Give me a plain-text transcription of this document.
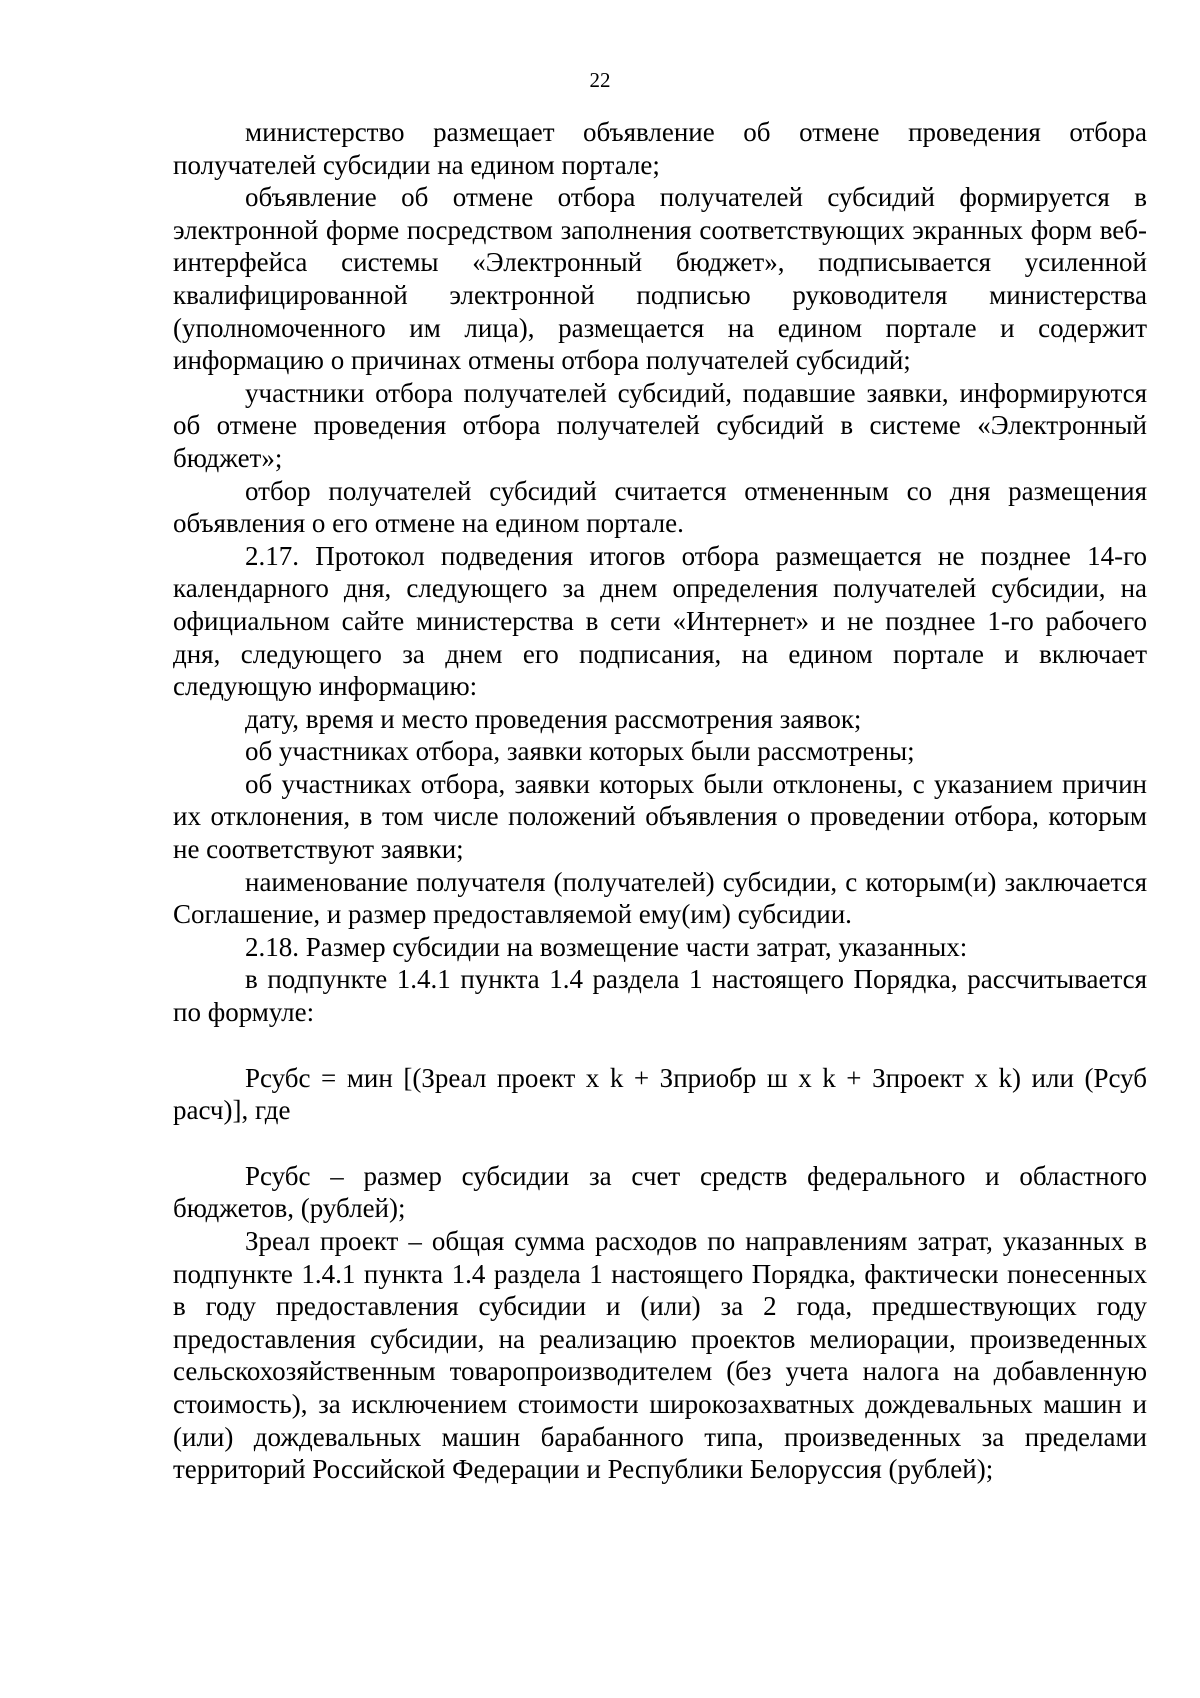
22

министерство размещает объявление об отмене проведения отбора получателей субсидии на едином портале;

объявление об отмене отбора получателей субсидий формируется в электронной форме посредством заполнения соответствующих экранных форм веб-интерфейса системы «Электронный бюджет», подписывается усиленной квалифицированной электронной подписью руководителя министерства (уполномоченного им лица), размещается на едином портале и содержит информацию о причинах отмены отбора получателей субсидий;

участники отбора получателей субсидий, подавшие заявки, информируются об отмене проведения отбора получателей субсидий в системе «Электронный бюджет»;

отбор получателей субсидий считается отмененным со дня размещения объявления о его отмене на едином портале.

2.17. Протокол подведения итогов отбора размещается не позднее 14-го календарного дня, следующего за днем определения получателей субсидии, на официальном сайте министерства в сети «Интернет» и не позднее 1-го рабочего дня, следующего за днем его подписания, на едином портале и включает следующую информацию:

дату, время и место проведения рассмотрения заявок;

об участниках отбора, заявки которых были рассмотрены;

об участниках отбора, заявки которых были отклонены, с указанием причин их отклонения, в том числе положений объявления о проведении отбора, которым не соответствуют заявки;

наименование получателя (получателей) субсидии, с которым(и) заключается Соглашение, и размер предоставляемой ему(им) субсидии.

2.18. Размер субсидии на возмещение части затрат, указанных:

в подпункте 1.4.1 пункта 1.4 раздела 1 настоящего Порядка, рассчитывается по формуле:

Рсубс = мин [(Зреал проект х k + Зприобр ш х k + Зпроект х k) или (Рсуб расч)], где

Рсубс – размер субсидии за счет средств федерального и областного бюджетов, (рублей);

Зреал проект – общая сумма расходов по направлениям затрат, указанных в подпункте 1.4.1 пункта 1.4 раздела 1 настоящего Порядка, фактически понесенных в году предоставления субсидии и (или) за 2 года, предшествующих году предоставления субсидии, на реализацию проектов мелиорации, произведенных сельскохозяйственным товаропроизводителем (без учета налога на добавленную стоимость), за исключением стоимости широкозахватных дождевальных машин и (или) дождевальных машин барабанного типа, произведенных за пределами территорий Российской Федерации и Республики Белоруссия (рублей);
